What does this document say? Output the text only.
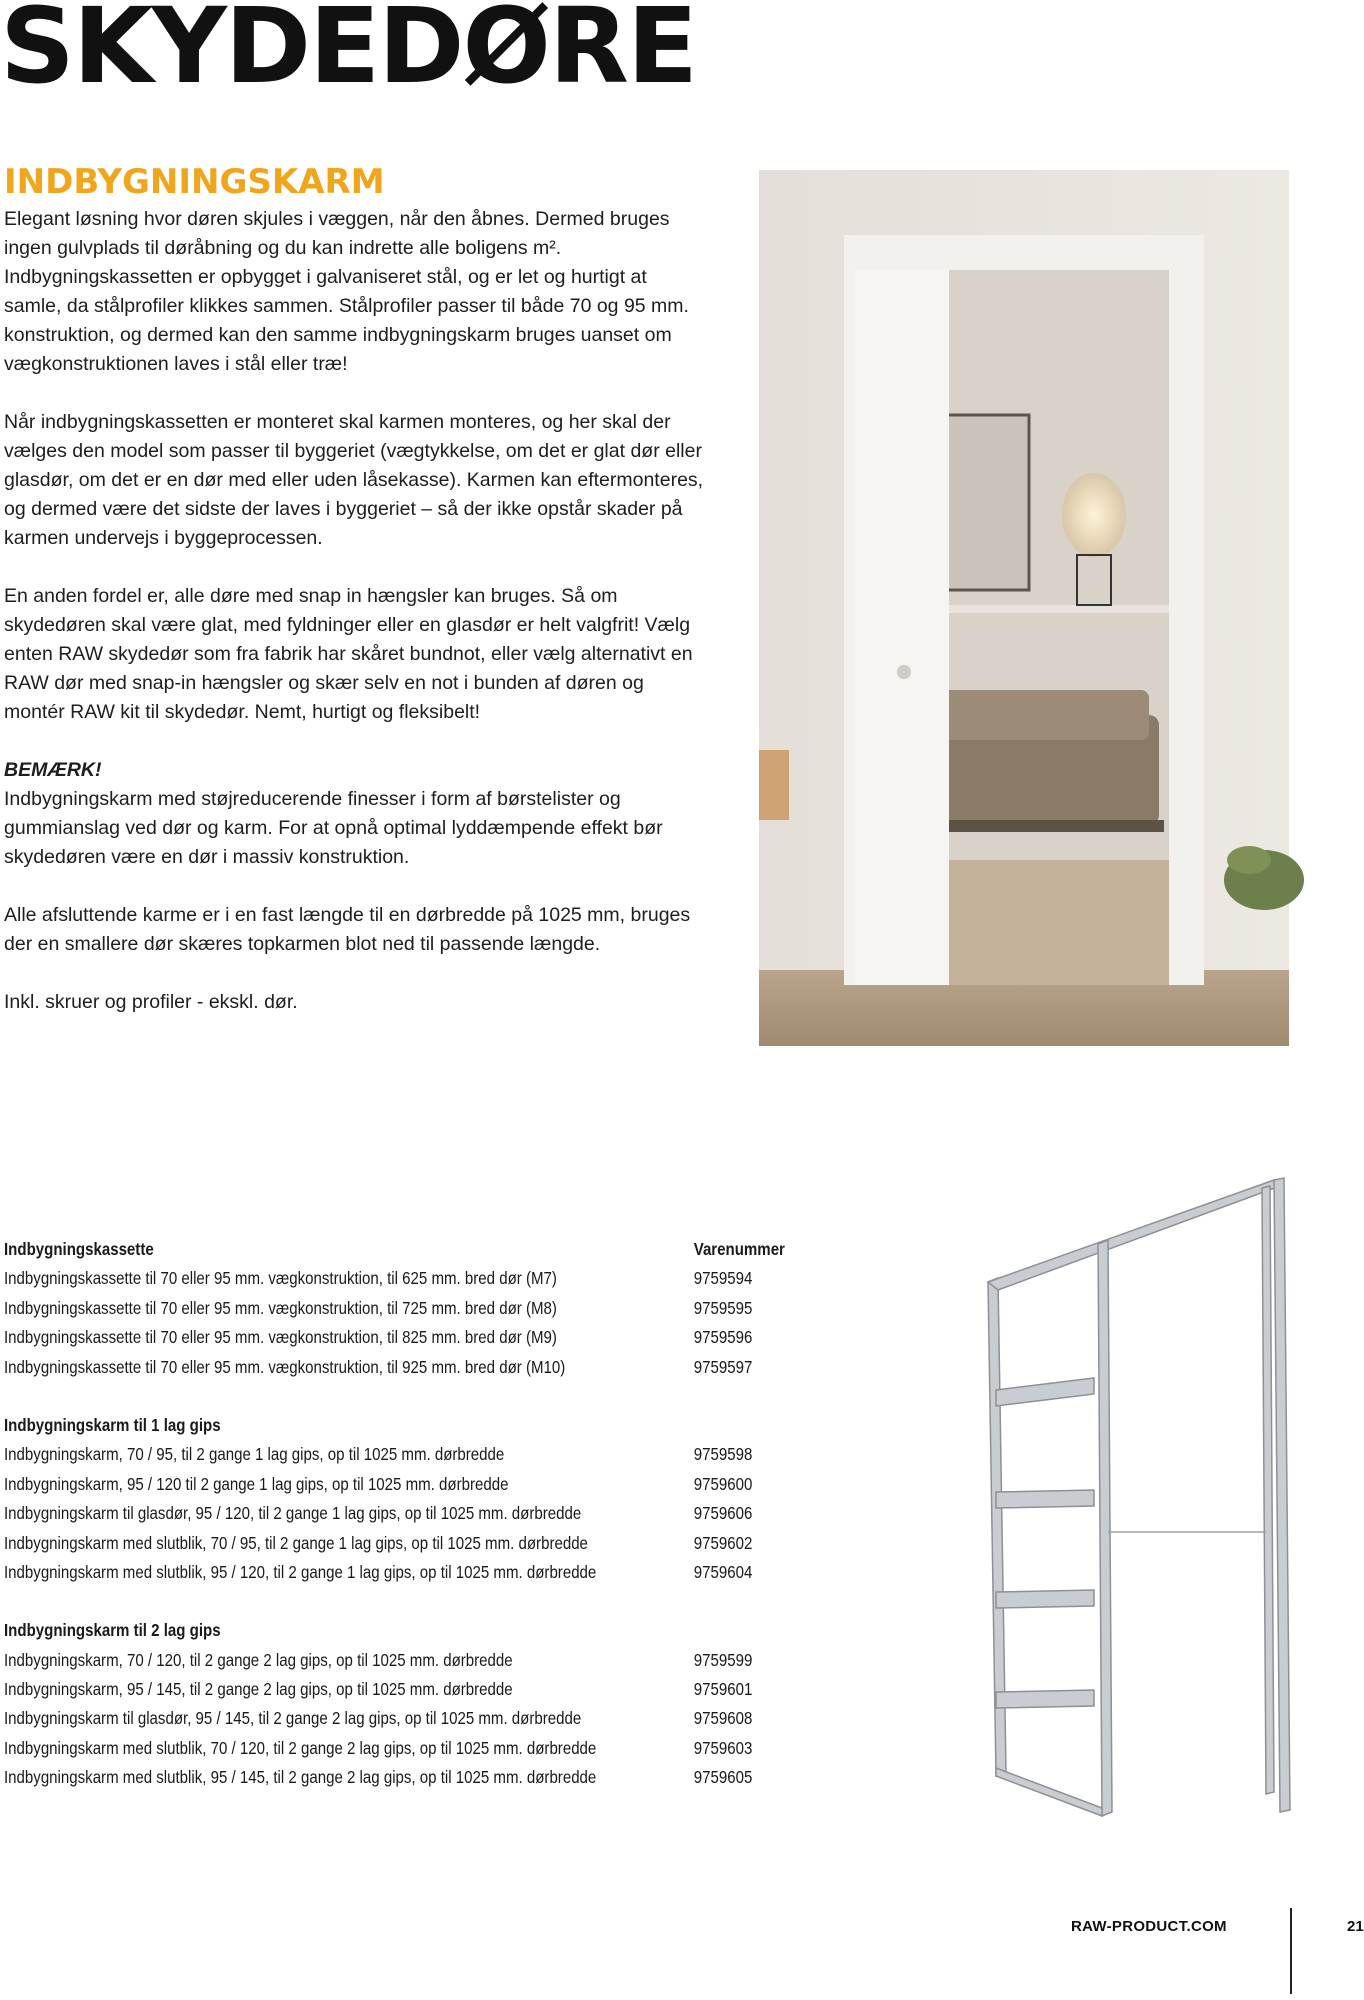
SKYDEDØRE
INDBYGNINGSKARM

Elegant løsning hvor døren skjules i væggen, når den åbnes. Dermed bruges ingen gulvplads til døråbning og du kan indrette alle boligens m². Indbygningskassetten er opbygget i galvaniseret stål, og er let og hurtigt at samle, da stålprofiler klikkes sammen. Stålprofiler passer til både 70 og 95 mm. konstruktion, og dermed kan den samme indbygningskarm bruges uanset om vægkonstruktionen laves i stål eller træ!

Når indbygningskassetten er monteret skal karmen monteres, og her skal der vælges den model som passer til byggeriet (vægtykkelse, om det er glat dør eller glasdør, om det er en dør med eller uden låsekasse). Karmen kan eftermonteres, og dermed være det sidste der laves i byggeriet – så der ikke opstår skader på karmen undervejs i byggeprocessen.

En anden fordel er, alle døre med snap in hængsler kan bruges. Så om skydedøren skal være glat, med fyldninger eller en glasdør er helt valgfrit! Vælg enten RAW skydedør som fra fabrik har skåret bundnot, eller vælg alternativt en RAW dør med snap-in hængsler og skær selv en not i bunden af døren og montér RAW kit til skydedør. Nemt, hurtigt og fleksibelt!

BEMÆRK!
Indbygningskarm med støjreducerende finesser i form af børstelister og gummianslag ved dør og karm. For at opnå optimal lyddæmpende effekt bør skydedøren være en dør i massiv konstruktion.

Alle afsluttende karme er i en fast længde til en dørbredde på 1025 mm, bruges der en smallere dør skæres topkarmen blot ned til passende længde.

Inkl. skruer og profiler - ekskl. dør.

Indbygningskassette	Varenummer
Indbygningskassette til 70 eller 95 mm. vægkonstruktion, til 625 mm. bred dør (M7)	9759594
Indbygningskassette til 70 eller 95 mm. vægkonstruktion, til 725 mm. bred dør (M8)	9759595
Indbygningskassette til 70 eller 95 mm. vægkonstruktion, til 825 mm. bred dør (M9)	9759596
Indbygningskassette til 70 eller 95 mm. vægkonstruktion, til 925 mm. bred dør (M10)	9759597
Indbygningskarm til 1 lag gips
Indbygningskarm, 70 / 95, til 2 gange 1 lag gips, op til 1025 mm. dørbredde	9759598
Indbygningskarm, 95 / 120 til 2 gange 1 lag gips, op til 1025 mm. dørbredde	9759600
Indbygningskarm til glasdør, 95 / 120, til 2 gange 1 lag gips, op til 1025 mm. dørbredde	9759606
Indbygningskarm med slutblik, 70 / 95, til 2 gange 1 lag gips, op til 1025 mm. dørbredde	9759602
Indbygningskarm med slutblik, 95 / 120, til 2 gange 1 lag gips, op til 1025 mm. dørbredde	9759604
Indbygningskarm til 2 lag gips
Indbygningskarm, 70 / 120, til 2 gange 2 lag gips, op til 1025 mm. dørbredde	9759599
Indbygningskarm, 95 / 145, til 2 gange 2 lag gips, op til 1025 mm. dørbredde	9759601
Indbygningskarm til glasdør, 95 / 145, til 2 gange 2 lag gips, op til 1025 mm. dørbredde	9759608
Indbygningskarm med slutblik, 70 / 120, til 2 gange 2 lag gips, op til 1025 mm. dørbredde	9759603
Indbygningskarm med slutblik, 95 / 145, til 2 gange 2 lag gips, op til 1025 mm. dørbredde	9759605
RAW-PRODUCT.COM	21
